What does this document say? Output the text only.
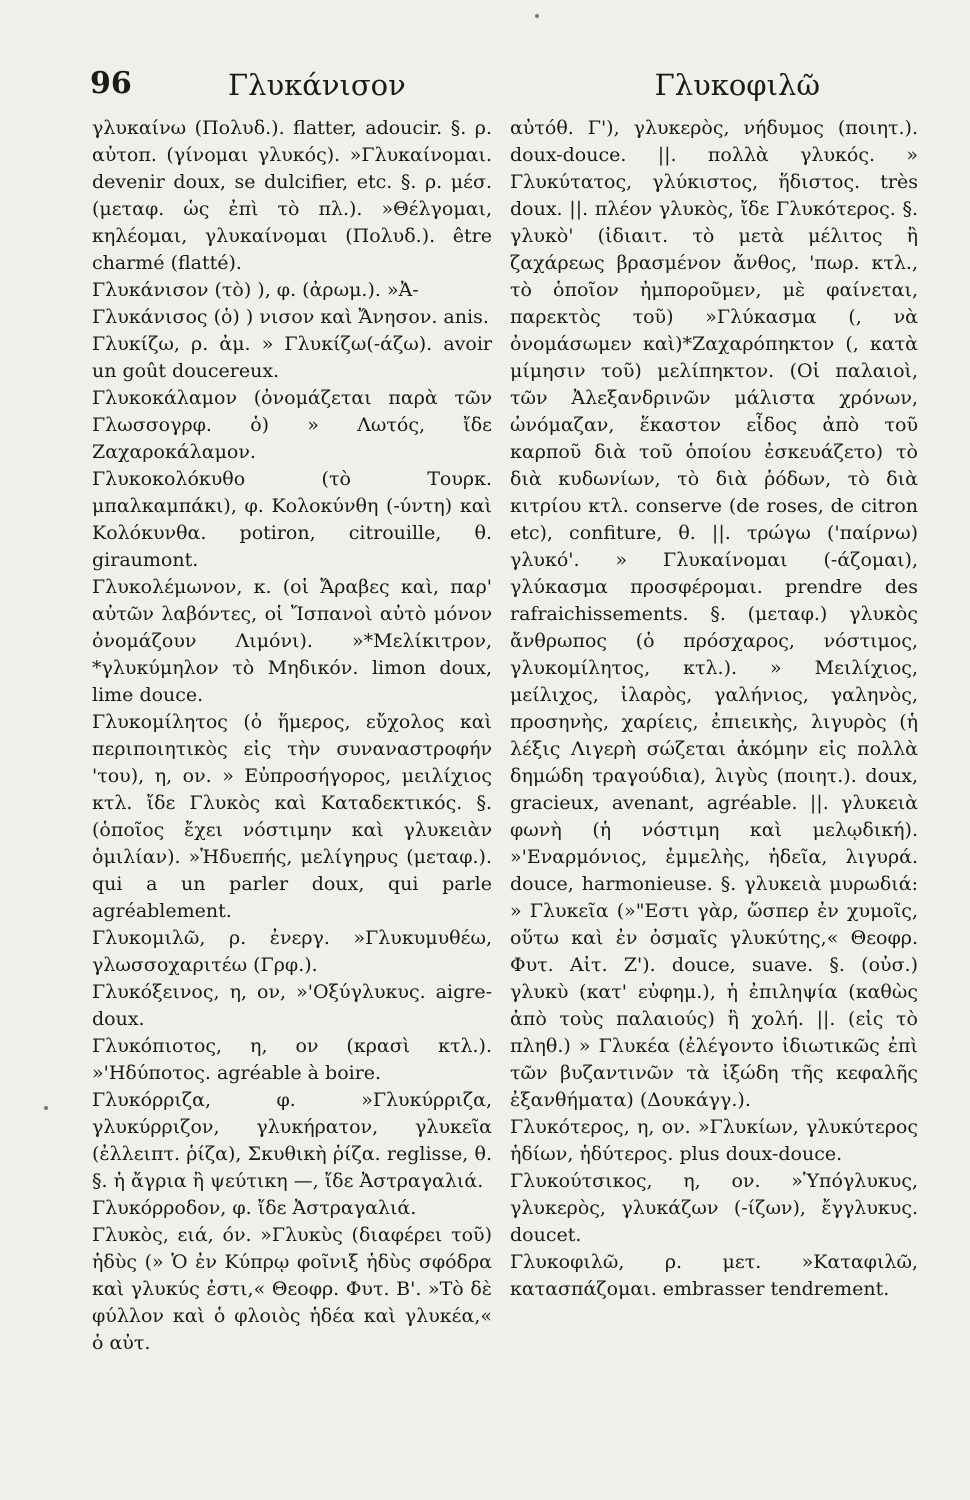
96	Γλυκάνισον	Γλυκοφιλῶ

γλυκαίνω (Πολυδ.). flatter, adoucir. §. ρ. αὐτοπ. (γίνομαι γλυκός). »Γλυκαίνομαι. devenir doux, se dulcifier, etc. §. ρ. μέσ. (μεταφ. ὡς ἐπὶ τὸ πλ.). »Θέλγομαι, κηλέομαι, γλυκαίνομαι (Πολυδ.). être charmé (flatté).

Γλυκάνισον (τὸ) ), φ. (ἀρωμ.). »Ἀ-

Γλυκάνισος (ὁ) ) νισον καὶ Ἄνησον. anis.

Γλυκίζω, ρ. ἀμ. » Γλυκίζω(-άζω). avoir un goût doucereux.

Γλυκοκάλαμον (ὀνομάζεται παρὰ τῶν Γλωσσογρφ. ὁ) » Λωτός, ἴδε Ζαχαροκάλαμον.

Γλυκοκολόκυθο (τὸ Τουρκ. μπαλκαμπάκι), φ. Κολοκύνθη (-ύντη) καὶ Κολόκυνθα. potiron, citrouille, θ. giraumont.

Γλυκολέμωνον, κ. (οἱ Ἄραβες καὶ, παρ' αὐτῶν λαβόντες, οἱ Ἴσπανοὶ αὐτὸ μόνον ὀνομάζουν Λιμόνι). »*Μελίκιτρον, *γλυκύμηλον τὸ Μηδικόν. limon doux, lime douce.

Γλυκομίλητος (ὁ ἥμερος, εὔχολος καὶ περιποιητικὸς εἰς τὴν συναναστροφήν 'του), η, ον. » Εὐπροσήγορος, μειλίχιος κτλ. ἴδε Γλυκὸς καὶ Καταδεκτικός. §. (ὁποῖος ἔχει νόστιμην καὶ γλυκειὰν ὁμιλίαν). »Ἡδυεπής, μελίγηρυς (μεταφ.). qui a un parler doux, qui parle agréablement.

Γλυκομιλῶ, ρ. ἐνεργ. »Γλυκυμυθέω, γλωσσοχαριτέω (Γρφ.).

Γλυκόξεινος, η, ον, »'Οξύγλυκυς. aigre-doux.

Γλυκόπιοτος, η, ον (κρασὶ κτλ.). »'Ηδύποτος. agréable à boire.

Γλυκόρριζα, φ. »Γλυκύρριζα, γλυκύρριζον, γλυκήρατον, γλυκεῖα (ἐλλειπτ. ῥίζα), Σκυθικὴ ῥίζα. reglisse, θ. §. ἡ ἄγρια ἢ ψεύτικη —, ἴδε Ἀστραγαλιά.

Γλυκόρροδον, φ. ἴδε Ἀστραγαλιά.

Γλυκὸς, ειά, όν. »Γλυκὺς (διαφέρει τοῦ) ἡδὺς (» Ὁ ἐν Κύπρῳ φοῖνιξ ἡδὺς σφόδρα καὶ γλυκύς ἐστι,« Θεοφρ. Φυτ. Β'. »Τὸ δὲ φύλλον καὶ ὁ φλοιὸς ἡδέα καὶ γλυκέα,« ὁ αὐτ.

αὐτόθ. Γ'), γλυκερὸς, νήδυμος (ποιητ.). doux-douce. ||. πολλὰ γλυκός. » Γλυκύτατος, γλύκιστος, ἥδιστος. très doux. ||. πλέον γλυκὸς, ἴδε Γλυκότερος. §. γλυκὸ' (ἰδιαιτ. τὸ μετὰ μέλιτος ἢ ζαχάρεως βρασμένον ἄνθος, 'πωρ. κτλ., τὸ ὁποῖον ἠμποροῦμεν, μὲ φαίνεται, παρεκτὸς τοῦ) »Γλύκασμα (, νὰ ὀνομάσωμεν καὶ)*Ζαχαρόπηκτον (, κατὰ μίμησιν τοῦ) μελίπηκτον. (Οἱ παλαιοὶ, τῶν Ἀλεξανδρινῶν μάλιστα χρόνων, ὠνόμαζαν, ἕκαστον εἶδος ἀπὸ τοῦ καρποῦ διὰ τοῦ ὁποίου ἐσκευάζετο) τὸ διὰ κυδωνίων, τὸ διὰ ῥόδων, τὸ διὰ κιτρίου κτλ. conserve (de roses, de citron etc), confiture, θ. ||. τρώγω ('παίρνω) γλυκό'. » Γλυκαίνομαι (-άζομαι), γλύκασμα προσφέρομαι. prendre des rafraichissements. §. (μεταφ.) γλυκὸς ἄνθρωπος (ὁ πρόσχαρος, νόστιμος, γλυκομίλητος, κτλ.). » Μειλίχιος, μείλιχος, ἱλαρὸς, γαλήνιος, γαληνὸς, προσηνὴς, χαρίεις, ἐπιεικὴς, λιγυρὸς (ἡ λέξις Λιγερὴ σώζεται ἀκόμην εἰς πολλὰ δημώδη τραγούδια), λιγὺς (ποιητ.). doux, gracieux, avenant, agréable. ||. γλυκειὰ φωνὴ (ἡ νόστιμη καὶ μελῳδική). »'Εναρμόνιος, ἐμμελὴς, ἡδεῖα, λιγυρά. douce, harmonieuse. §. γλυκειὰ μυρωδιά: » Γλυκεῖα (»"Εστι γὰρ, ὥσπερ ἐν χυμοῖς, οὕτω καὶ ἐν ὀσμαῖς γλυκύτης,« Θεοφρ. Φυτ. Αἰτ. Ζ'). douce, suave. §. (οὐσ.) γλυκὺ (κατ' εὐφημ.), ἡ ἐπιληψία (καθὼς ἀπὸ τοὺς παλαιούς) ἢ χολή. ||. (εἰς τὸ πληθ.) » Γλυκέα (ἐλέγοντο ἰδιωτικῶς ἐπὶ τῶν βυζαντινῶν τὰ ἰξώδη τῆς κεφαλῆς ἐξανθήματα) (Δουκάγγ.).

Γλυκότερος, η, ον. »Γλυκίων, γλυκύτερος ἡδίων, ἡδύτερος. plus doux-douce.

Γλυκούτσικος, η, ον. »Ὑπόγλυκυς, γλυκερὸς, γλυκάζων (-ίζων), ἔγγλυκυς. doucet.

Γλυκοφιλῶ, ρ. μετ. »Καταφιλῶ, κατασπάζομαι. embrasser tendrement.
